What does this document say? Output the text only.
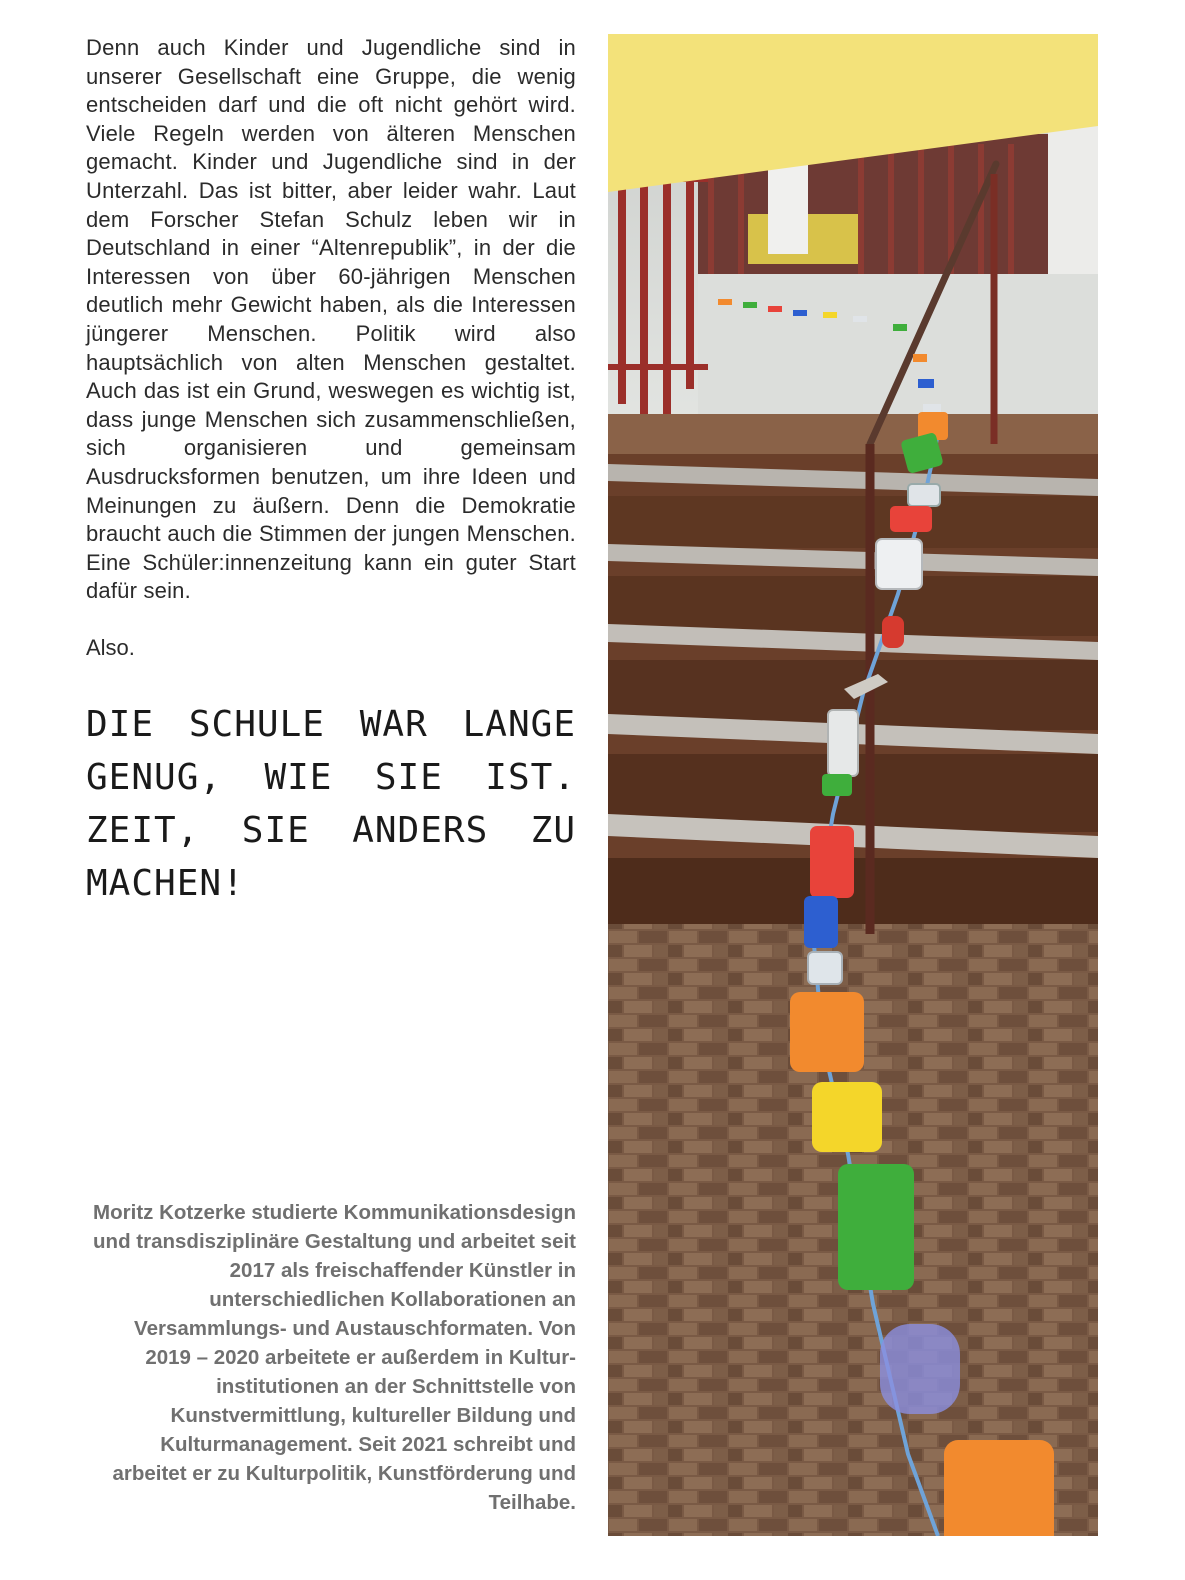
Denn auch Kinder und Jugendliche sind in unserer Gesellschaft eine Gruppe, die wenig entscheiden darf und die oft nicht gehört wird. Viele Regeln werden von älteren Menschen gemacht. Kinder und Jugendliche sind in der Unterzahl. Das ist bitter, aber leider wahr. Laut dem Forscher Stefan Schulz leben wir in Deutschland in einer “Altenrepublik”, in der die Interessen von über 60-jährigen Menschen deutlich mehr Gewicht haben, als die Interessen jüngerer Menschen. Politik wird also hauptsächlich von alten Menschen gestaltet. Auch das ist ein Grund, weswegen es wichtig ist, dass junge Menschen sich zusammenschließen, sich organisieren und gemeinsam Ausdrucksformen benutzen, um ihre Ideen und Meinungen zu äußern. Denn die Demokratie braucht auch die Stimmen der jungen Menschen. Eine Schüler:innenzeitung kann ein guter Start dafür sein.

Also.

DIE SCHULE WAR LANGE GENUG, WIE SIE IST. ZEIT, SIE ANDERS ZU MACHEN!

Moritz Kotzerke studierte Kommunikationsdesign und transdisziplinäre Gestaltung und arbeitet seit 2017 als freischaffender Künstler in unterschiedlichen Kollaborationen an Versammlungs- und Austauschformaten. Von 2019 – 2020 arbeitete er außerdem in Kulturinstitutionen an der Schnittstelle von Kunstvermittlung, kultureller Bildung und Kulturmanagement. Seit 2021 schreibt und arbeitet er zu Kulturpolitik, Kunstförderung und Teilhabe.
